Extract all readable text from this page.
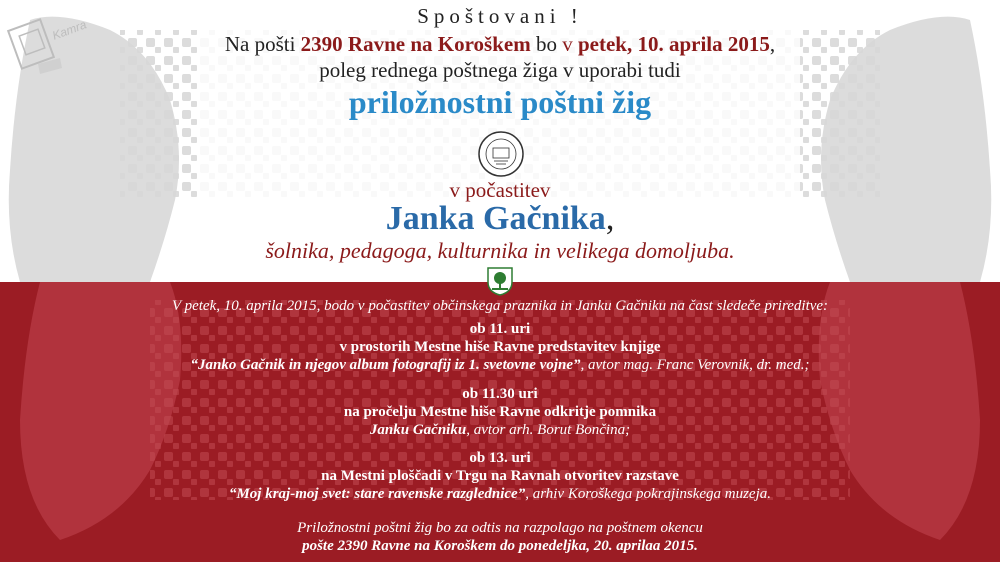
Kamra
Spoštovani !
Na pošti 2390 Ravne na Koroškem bo v petek, 10. aprila 2015,
poleg rednega poštnega žiga v uporabi tudi
priložnostni poštni žig
v počastitev
Janka Gačnika,
šolnika, pedagoga, kulturnika in velikega domoljuba.
V petek, 10. aprila 2015, bodo v počastitev občinskega praznika in Janku Gačniku na čast sledeče prireditve:
ob 11. uri
v prostorih Mestne hiše Ravne predstavitev knjige
“Janko Gačnik in njegov album fotografij iz 1. svetovne vojne”, avtor mag. Franc Verovnik, dr. med.;
ob 11.30 uri
na pročelju Mestne hiše Ravne odkritje pomnika
Janku Gačniku, avtor arh. Borut Bončina;
ob 13. uri
na Mestni ploščadi v Trgu na Ravnah otvoritev razstave
“Moj kraj-moj svet: stare ravenske razglednice”, arhiv Koroškega pokrajinskega muzeja.
Priložnostni poštni žig bo za odtis na razpolago na poštnem okencu
pošte 2390 Ravne na Koroškem do ponedeljka, 20. aprilaa 2015.
